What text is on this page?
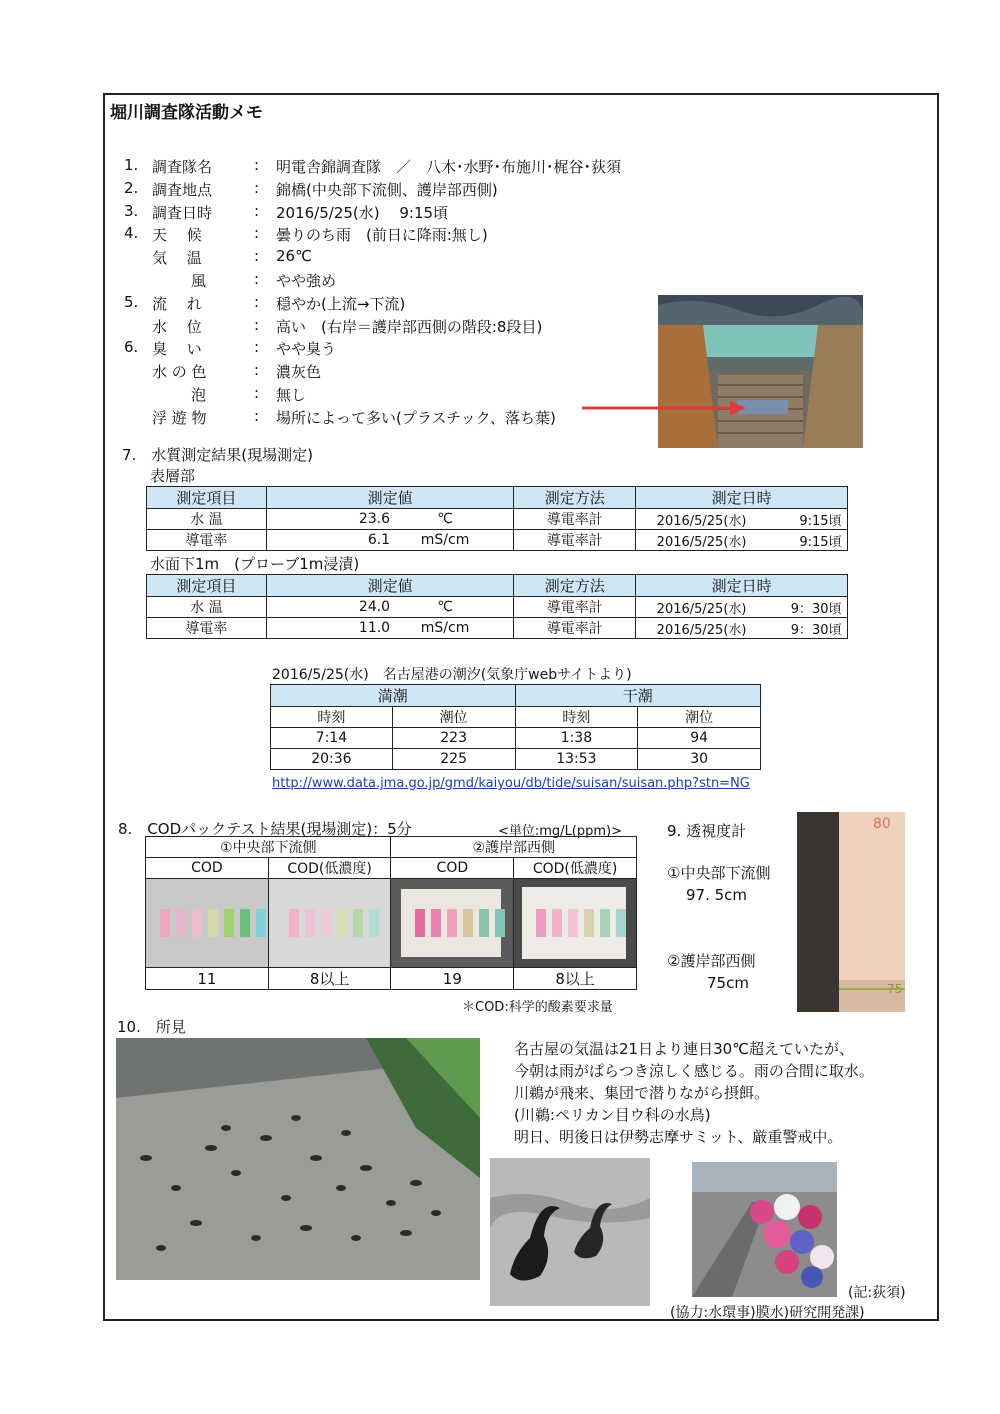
堀川調査隊活動メモ
1. 調査隊名	: 明電舎錦調査隊　／　八木･水野･布施川･梶谷･荻須
2. 調査地点	: 錦橋(中央部下流側、護岸部西側)
3. 調査日時	: 2016/5/25(水)　 9:15頃
4. 天　 候	: 曇りのち雨　(前日に降雨:無し)
気　 温	: 26℃
風	: やや強め
5. 流　 れ	: 穏やか(上流→下流)
水　 位	: 高い　(右岸＝護岸部西側の階段:8段目)
6. 臭　 い	: やや臭う
水 の 色	: 濃灰色
泡	: 無し
浮 遊 物	: 場所によって多い(プラスチック、落ち葉)
7.　水質測定結果(現場測定)
表層部
測定項目	測定値	測定方法	測定日時
水 温	23.6 ℃	導電率計	2016/5/25(水) 9:15頃
導電率	6.1 mS/cm	導電率計	2016/5/25(水) 9:15頃
水面下1m　(プローブ1m浸漬)
測定項目	測定値	測定方法	測定日時
水 温	24.0 ℃	導電率計	2016/5/25(水) 9：30頃
導電率	11.0 mS/cm	導電率計	2016/5/25(水) 9：30頃
2016/5/25(水)　名古屋港の潮汐(気象庁webサイトより)
満潮		干潮	
時刻	潮位	時刻	潮位
7:14	223	1:38	94
20:36	225	13:53	30
http://www.data.jma.go.jp/gmd/kaiyou/db/tide/suisan/suisan.php?stn=NG
8.　CODパックテスト結果(現場測定)：5分	<単位:mg/L(ppm)>
①中央部下流側		②護岸部西側	
COD	COD(低濃度)	COD	COD(低濃度)

11	8以上	19	8以上
＊COD:科学的酸素要求量
9. 透視度計
①中央部下流側
97. 5cm
②護岸部西側
75cm
80
10.　所見
名古屋の気温は21日より連日30℃超えていたが、
今朝は雨がぱらつき涼しく感じる。雨の合間に取水。
川鵜が飛来、集団で潜りながら摂餌。
(川鵜:ペリカン目ウ科の水鳥)
明日、明後日は伊勢志摩サミット、厳重警戒中。
(記:荻須)
(協力:水環事)膜水)研究開発課)
